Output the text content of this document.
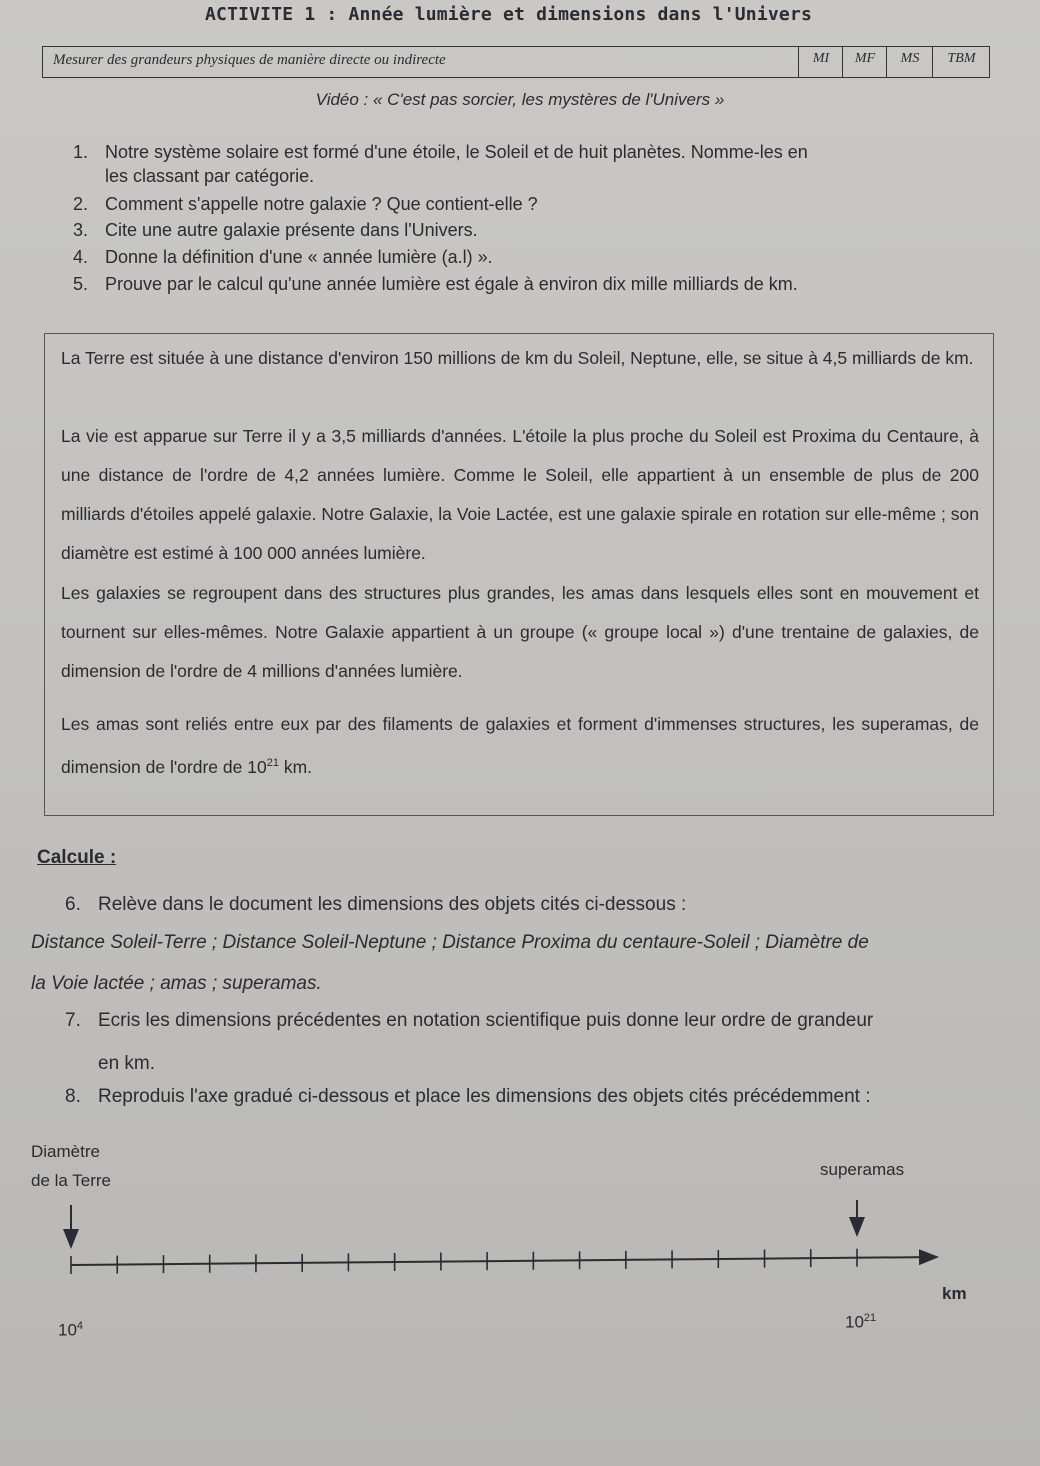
ACTIVITE 1 : Année lumière et dimensions dans l'Univers
Mesurer des grandeurs physiques de manière directe ou indirecte	MI	MF	MS	TBM
Vidéo : « C'est pas sorcier, les mystères de l'Univers »
1. Notre système solaire est formé d'une étoile, le Soleil et de huit planètes. Nomme-les en
les classant par catégorie.
2. Comment s'appelle notre galaxie ? Que contient-elle ?
3. Cite une autre galaxie présente dans l'Univers.
4. Donne la définition d'une « année lumière (a.l) ».
5. Prouve par le calcul qu'une année lumière est égale à environ dix mille milliards de km.
La Terre est située à une distance d'environ 150 millions de km du Soleil, Neptune, elle, se situe à 4,5 milliards de km.
La vie est apparue sur Terre il y a 3,5 milliards d'années. L'étoile la plus proche du Soleil est Proxima du Centaure, à une distance de l'ordre de 4,2 années lumière. Comme le Soleil, elle appartient à un ensemble de plus de 200 milliards d'étoiles appelé galaxie. Notre Galaxie, la Voie Lactée, est une galaxie spirale en rotation sur elle-même ; son diamètre est estimé à 100 000 années lumière.
Les galaxies se regroupent dans des structures plus grandes, les amas dans lesquels elles sont en mouvement et tournent sur elles-mêmes. Notre Galaxie appartient à un groupe (« groupe local ») d'une trentaine de galaxies, de dimension de l'ordre de 4 millions d'années lumière.
Les amas sont reliés entre eux par des filaments de galaxies et forment d'immenses structures, les superamas, de dimension de l'ordre de $10^{21}$ km.
Calcule :
6. Relève dans le document les dimensions des objets cités ci-dessous :
Distance Soleil-Terre ; Distance Soleil-Neptune ; Distance Proxima du centaure-Soleil ; Diamètre de
la Voie lactée ; amas ; superamas.
7. Ecris les dimensions précédentes en notation scientifique puis donne leur ordre de grandeur
en km.
8. Reproduis l'axe gradué ci-dessous et place les dimensions des objets cités précédemment :
Diamètre
de la Terre
superamas
km
$10^4$	$10^{21}$
